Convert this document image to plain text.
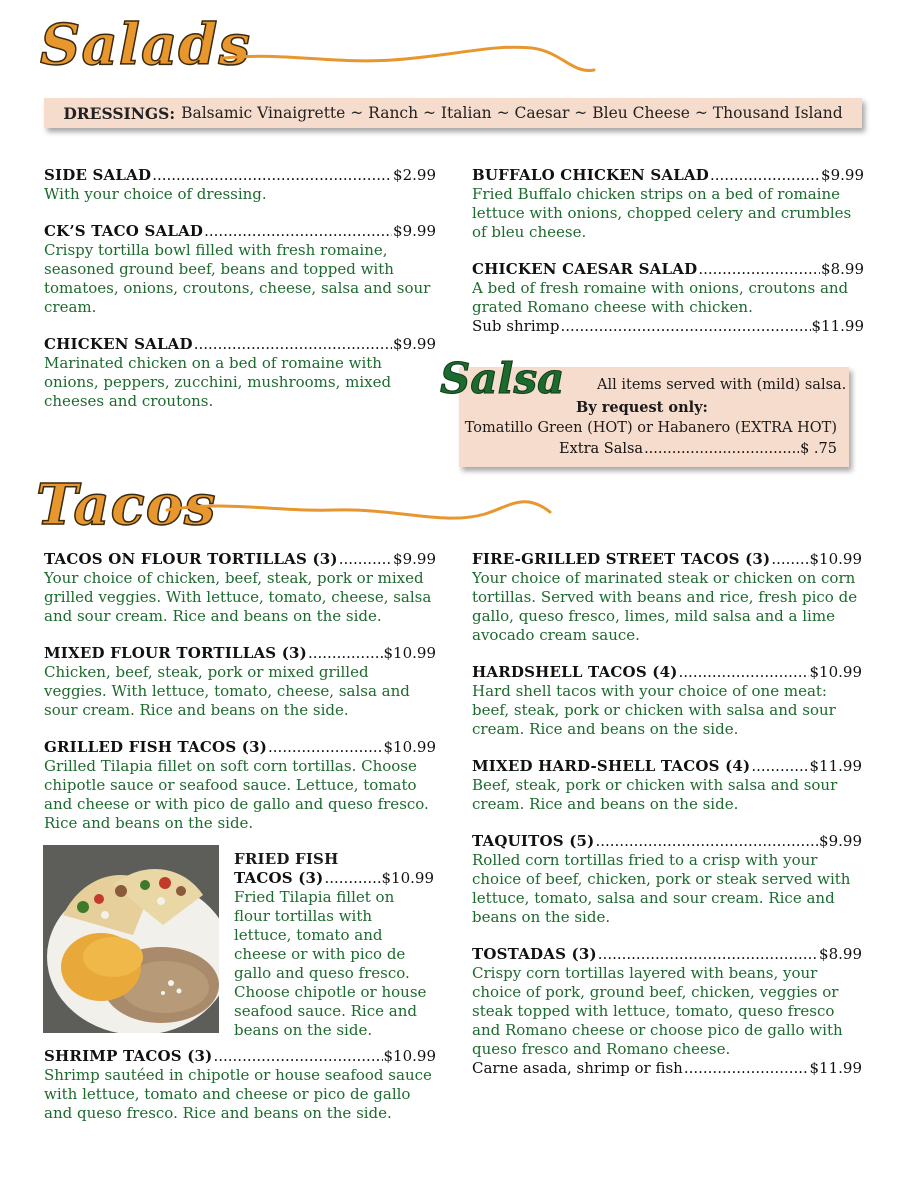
Salads
DRESSINGS: Balsamic Vinaigrette ~ Ranch ~ Italian ~ Caesar ~ Bleu Cheese ~ Thousand Island
SIDE SALAD .....	$2.99
With your choice of dressing.
CK’S TACO SALAD .....	$9.99
Crispy tortilla bowl filled with fresh romaine, seasoned ground beef, beans and topped with tomatoes, onions, croutons, cheese, salsa and sour cream.
CHICKEN SALAD .....	$9.99
Marinated chicken on a bed of romaine with onions, peppers, zucchini, mushrooms, mixed cheeses and croutons.
BUFFALO CHICKEN SALAD .....	$9.99
Fried Buffalo chicken strips on a bed of romaine lettuce with onions, chopped celery and crumbles of bleu cheese.
CHICKEN CAESAR SALAD .....	$8.99
A bed of fresh romaine with onions, croutons and grated Romano cheese with chicken.
Sub shrimp .....	$11.99
All items served with (mild) salsa.
By request only:
Tomatillo Green (HOT) or Habanero (EXTRA HOT)
Extra Salsa .....	$ .75
Salsa
Tacos
TACOS ON FLOUR TORTILLAS (3) .....	$9.99
Your choice of chicken, beef, steak, pork or mixed grilled veggies. With lettuce, tomato, cheese, salsa and sour cream. Rice and beans on the side.
MIXED FLOUR TORTILLAS (3) .....	$10.99
Chicken, beef, steak, pork or mixed grilled veggies. With lettuce, tomato, cheese, salsa and sour cream. Rice and beans on the side.
GRILLED FISH TACOS (3) .....	$10.99
Grilled Tilapia fillet on soft corn tortillas. Choose chipotle sauce or seafood sauce. Lettuce, tomato and cheese or with pico de gallo and queso fresco. Rice and beans on the side.
FRIED FISH
TACOS (3) .....	$10.99
Fried Tilapia fillet on flour tortillas with lettuce, tomato and cheese or with pico de gallo and queso fresco. Choose chipotle or house seafood sauce. Rice and beans on the side.
SHRIMP TACOS (3) .....	$10.99
Shrimp sautéed in chipotle or house seafood sauce with lettuce, tomato and cheese or pico de gallo and queso fresco. Rice and beans on the side.
FIRE-GRILLED STREET TACOS (3) .....	$10.99
Your choice of marinated steak or chicken on corn tortillas. Served with beans and rice, fresh pico de gallo, queso fresco, limes, mild salsa and a lime avocado cream sauce.
HARDSHELL TACOS (4) .....	$10.99
Hard shell tacos with your choice of one meat: beef, steak, pork or chicken with salsa and sour cream. Rice and beans on the side.
MIXED HARD-SHELL TACOS (4) .....	$11.99
Beef, steak, pork or chicken with salsa and sour cream. Rice and beans on the side.
TAQUITOS (5) .....	$9.99
Rolled corn tortillas fried to a crisp with your choice of beef, chicken, pork or steak served with lettuce, tomato, salsa and sour cream. Rice and beans on the side.
TOSTADAS (3) .....	$8.99
Crispy corn tortillas layered with beans, your choice of pork, ground beef, chicken, veggies or steak topped with lettuce, tomato, queso fresco and Romano cheese or choose pico de gallo with queso fresco and Romano cheese.
Carne asada, shrimp or fish .....	$11.99
